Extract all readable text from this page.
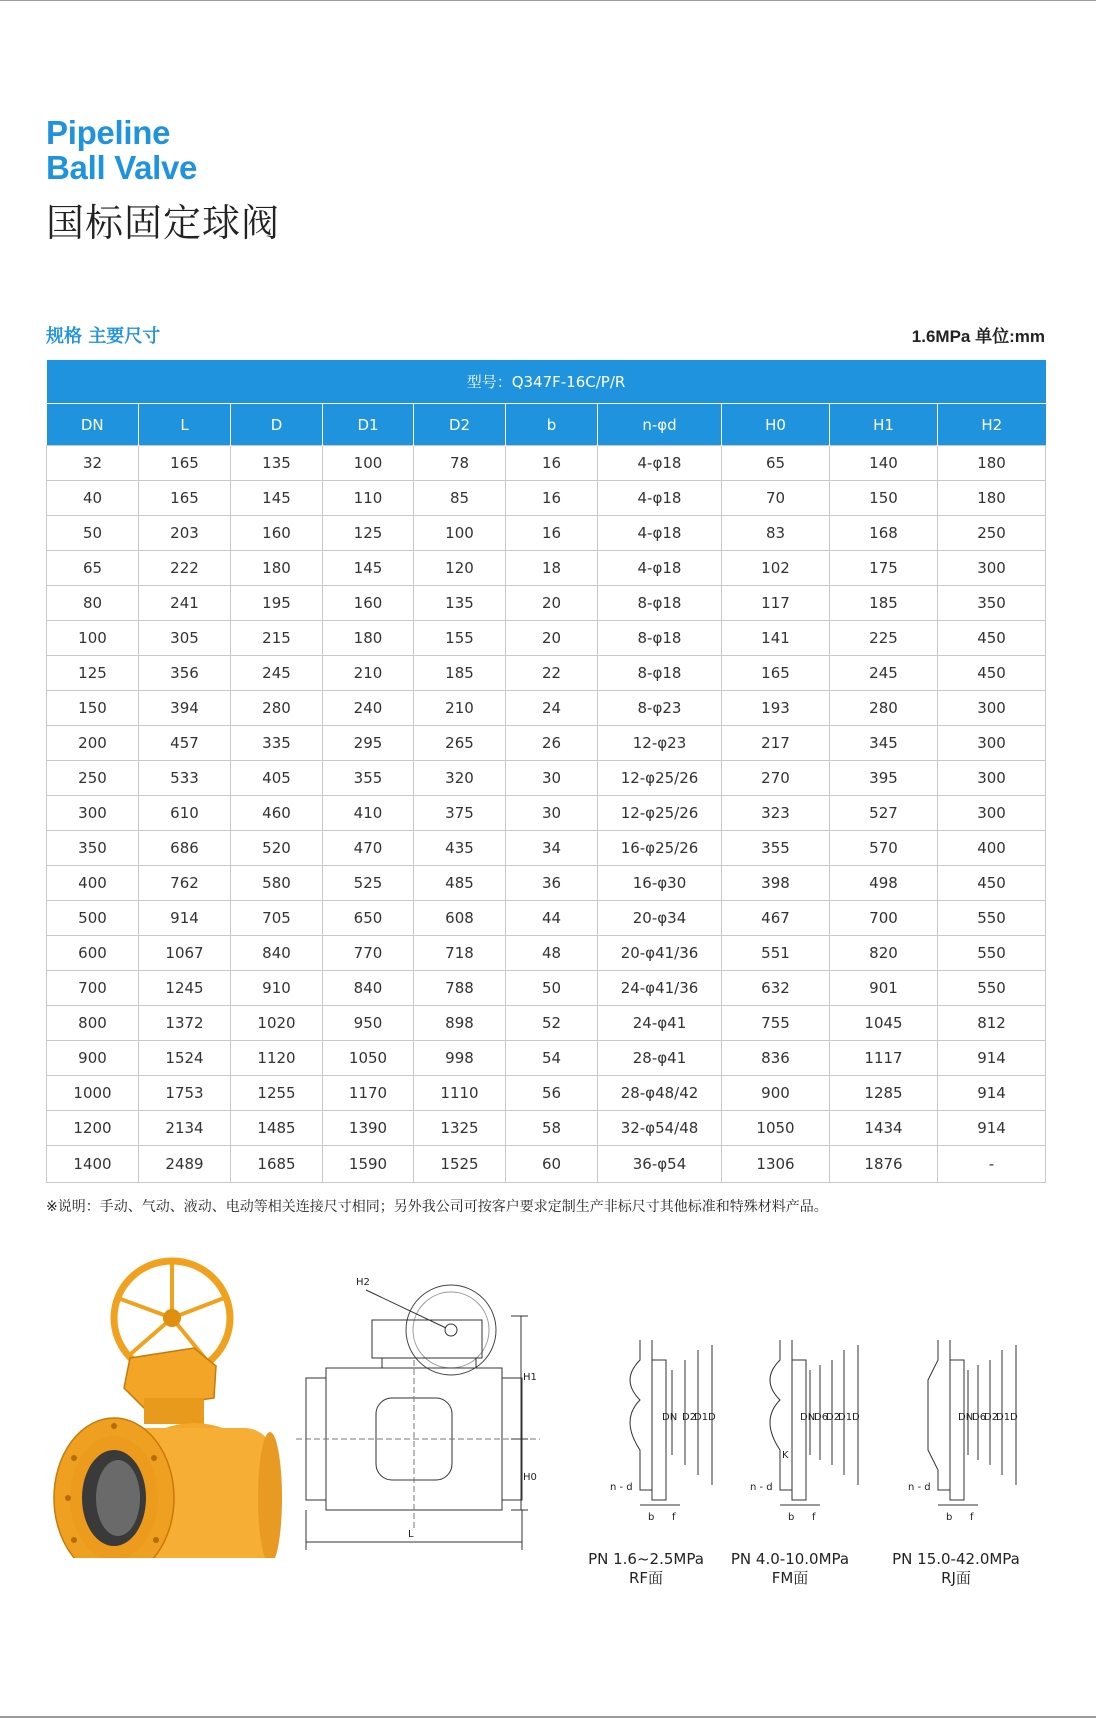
Pipeline
Ball Valve
国标固定球阀
规格 主要尺寸	1.6MPa 单位:mm
型号：Q347F-16C/P/R									
DN	L	D	D1	D2	b	n-φd	H0	H1	H2
32	165	135	100	78	16	4-φ18	65	140	180
40	165	145	110	85	16	4-φ18	70	150	180
50	203	160	125	100	16	4-φ18	83	168	250
65	222	180	145	120	18	4-φ18	102	175	300
80	241	195	160	135	20	8-φ18	117	185	350
100	305	215	180	155	20	8-φ18	141	225	450
125	356	245	210	185	22	8-φ18	165	245	450
150	394	280	240	210	24	8-φ23	193	280	300
200	457	335	295	265	26	12-φ23	217	345	300
250	533	405	355	320	30	12-φ25/26	270	395	300
300	610	460	410	375	30	12-φ25/26	323	527	300
350	686	520	470	435	34	16-φ25/26	355	570	400
400	762	580	525	485	36	16-φ30	398	498	450
500	914	705	650	608	44	20-φ34	467	700	550
600	1067	840	770	718	48	20-φ41/36	551	820	550
700	1245	910	840	788	50	24-φ41/36	632	901	550
800	1372	1020	950	898	52	24-φ41	755	1045	812
900	1524	1120	1050	998	54	28-φ41	836	1117	914
1000	1753	1255	1170	1110	56	28-φ48/42	900	1285	914
1200	2134	1485	1390	1325	58	32-φ54/48	1050	1434	914
1400	2489	1685	1590	1525	60	36-φ54	1306	1876	-
※说明：手动、气动、液动、电动等相关连接尺寸相同；另外我公司可按客户要求定制生产非标尺寸其他标准和特殊材料产品。
H2
H1
H0
L
DN D2
D1 D
n - d
b f
DN
D6
D2
D1 D
K
n - d
b f
DN
D6
D2
D1 D
n - d
b f
PN 1.6~2.5MPa
RF面
PN 4.0-10.0MPa
FM面
PN 15.0-42.0MPa
RJ面
